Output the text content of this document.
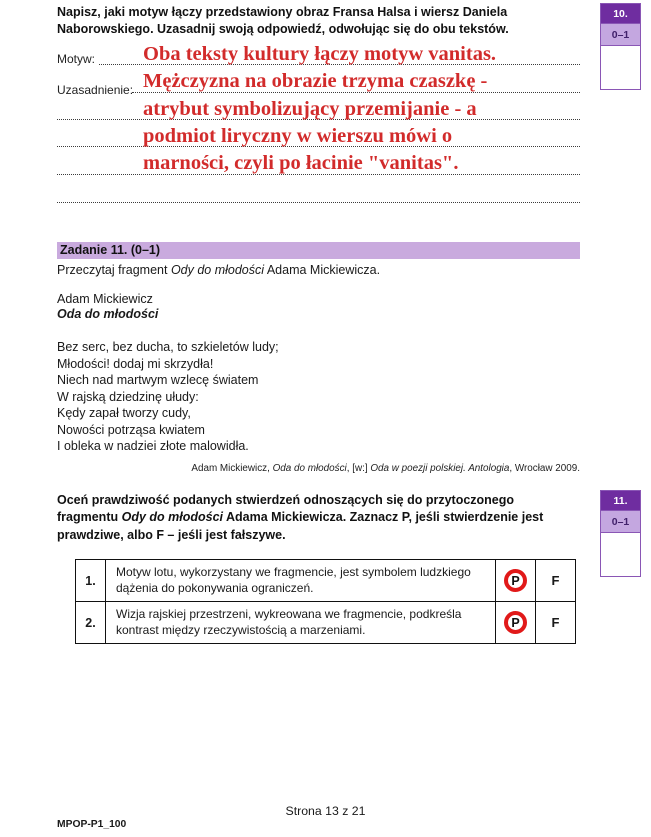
Napisz, jaki motyw łączy przedstawiony obraz Fransa Halsa i wiersz Daniela Naborowskiego. Uzasadnij swoją odpowiedź, odwołując się do obu tekstów.
Motyw:
Uzasadnienie:
Oba teksty kultury łączy motyw vanitas.
Mężczyzna na obrazie trzyma czaszkę -
atrybut symbolizujący przemijanie - a
podmiot liryczny w wierszu mówi o
marności, czyli po łacinie "vanitas".
10.
0–1
Zadanie 11. (0–1)
Przeczytaj fragment Ody do młodości Adama Mickiewicza.
Adam Mickiewicz
Oda do młodości
Bez serc, bez ducha, to szkieletów ludy;
Młodości! dodaj mi skrzydła!
Niech nad martwym wzlecę światem
W rajską dziedzinę ułudy:
Kędy zapał tworzy cudy,
Nowości potrząsa kwiatem
I obleka w nadziei złote malowidła.
Adam Mickiewicz, Oda do młodości, [w:] Oda w poezji polskiej. Antologia, Wrocław 2009.
Oceń prawdziwość podanych stwierdzeń odnoszących się do przytoczonego fragmentu Ody do młodości Adama Mickiewicza. Zaznacz P, jeśli stwierdzenie jest prawdziwe, albo F – jeśli jest fałszywe.
11.
0–1
1.	Motyw lotu, wykorzystany we fragmencie, jest symbolem ludzkiego dążenia do pokonywania ograniczeń.	P	F
2.	Wizja rajskiej przestrzeni, wykreowana we fragmencie, podkreśla kontrast między rzeczywistością a marzeniami.	P	F
Strona 13 z 21
MPOP-P1_100
